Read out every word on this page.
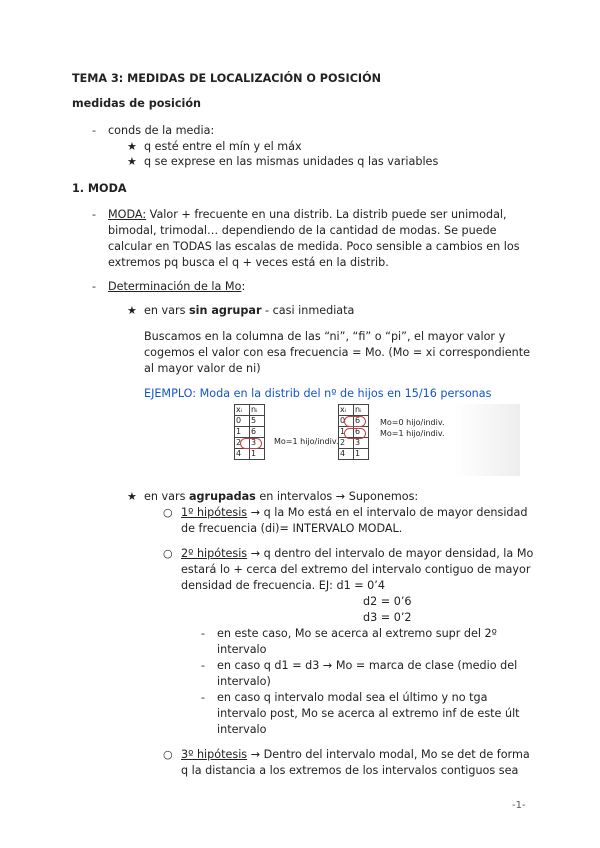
TEMA 3: MEDIDAS DE LOCALIZACIÓN O POSICIÓN
medidas de posición
- conds de la media:
★ q esté entre el mín y el máx
★ q se exprese en las mismas unidades q las variables
1. MODA
- MODA: Valor + frecuente en una distrib. La distrib puede ser unimodal,
bimodal, trimodal… dependiendo de la cantidad de modas. Se puede
calcular en TODAS las escalas de medida. Poco sensible a cambios en los
extremos pq busca el q + veces está en la distrib.
- Determinación de la Mo:
★ en vars sin agrupar - casi inmediata
Buscamos en la columna de las “ni”, “fi” o “pi”, el mayor valor y
cogemos el valor con esa frecuencia = Mo. (Mo = xi correspondiente
al mayor valor de ni)
EJEMPLO: Moda en la distrib del nº de hijos en 15/16 personas
xᵢ	nᵢ
0	5
1	6
2	3
4	1
Mo=1 hijo/indiv.
xᵢ	nᵢ
0	6
1	6
2	3
4	1
Mo=0 hijo/indiv.
Mo=1 hijo/indiv.
★ en vars agrupadas en intervalos → Suponemos:
○ 1º hipótesis → q la Mo está en el intervalo de mayor densidad
de frecuencia (di)= INTERVALO MODAL.
○ 2º hipótesis → q dentro del intervalo de mayor densidad, la Mo
estará lo + cerca del extremo del intervalo contiguo de mayor
densidad de frecuencia. EJ: d1 = 0’4
d2 = 0’6
d3 = 0’2
- en este caso, Mo se acerca al extremo supr del 2º
intervalo
- en caso q d1 = d3 → Mo = marca de clase (medio del
intervalo)
- en caso q intervalo modal sea el último y no tga
intervalo post, Mo se acerca al extremo inf de este últ
intervalo
○ 3º hipótesis → Dentro del intervalo modal, Mo se det de forma
q la distancia a los extremos de los intervalos contiguos sea
-1-
